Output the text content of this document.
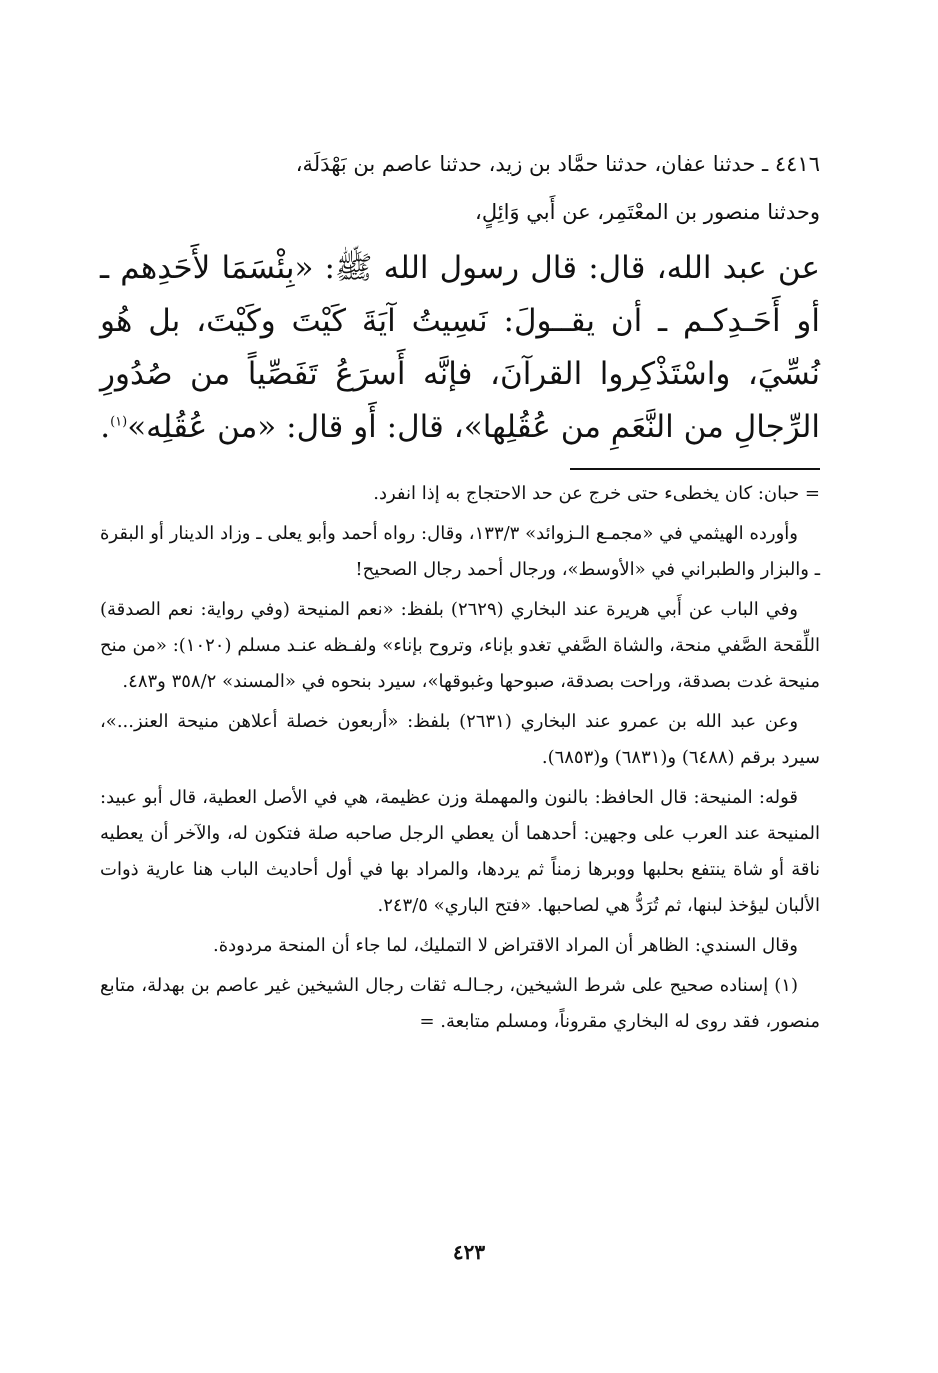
٤٤١٦ ـ حدثنا عفان، حدثنا حمَّاد بن زيد، حدثنا عاصم بن بَهْدَلَة،

وحدثنا منصور بن المعْتَمِر، عن أَبي وَائِلٍ،

عن عبد الله، قال: قال رسول الله ﷺ: «بِئْسَمَا لأَحَدِهم ـ أو أَحَـدِكـم ـ أن يقــولَ: نَسِيتُ آيَةَ كَيْتَ وكَيْتَ، بل هُو نُسِّيَ، واسْتَذْكِروا القرآنَ، فإنَّه أَسرَعُ تَفَصِّياً من صُدُورِ الرِّجالِ من النَّعَمِ من عُقُلِها»، قال: أَو قال: «من عُقُلِه»$^{(١)}$.

= حبان: كان يخطىء حتى خرج عن حد الاحتجاج به إذا انفرد.

وأورده الهيثمي في «مجمـع الـزوائد» ١٣٣/٣، وقال: رواه أحمد وأبو يعلى ـ وزاد الدينار أو البقرة ـ والبزار والطبراني في «الأوسط»، ورجال أحمد رجال الصحيح!

وفي الباب عن أَبي هريرة عند البخاري (٢٦٢٩) بلفظ: «نعم المنيحة (وفي رواية: نعم الصدقة) اللِّقحة الصَّفي منحة، والشاة الصَّفي تغدو بإناء، وتروح بإناء» ولفـظه عنـد مسلم (١٠٢٠): «من منح منيحة غدت بصدقة، وراحت بصدقة، صبوحها وغبوقها»، سيرد بنحوه في «المسند» ٣٥٨/٢ و٤٨٣.

وعن عبد الله بن عمرو عند البخاري (٢٦٣١) بلفظ: «أربعون خصلة أعلاهن منيحة العنز...»، سيرد برقم (٦٤٨٨) و(٦٨٣١) و(٦٨٥٣).

قوله: المنيحة: قال الحافظ: بالنون والمهملة وزن عظيمة، هي في الأصل العطية، قال أبو عبيد: المنيحة عند العرب على وجهين: أحدهما أن يعطي الرجل صاحبه صلة فتكون له، والآخر أن يعطيه ناقة أو شاة ينتفع بحلبها ووبرها زمناً ثم يردها، والمراد بها في أول أحاديث الباب هنا عارية ذوات الألبان ليؤخذ لبنها، ثم تُرَدُّ هي لصاحبها. «فتح الباري» ٢٤٣/٥.

وقال السندي: الظاهر أن المراد الاقتراض لا التمليك، لما جاء أن المنحة مردودة.

(١) إسناده صحيح على شرط الشيخين، رجـالـه ثقات رجال الشيخين غير عاصم بن بهدلة، متابع منصور، فقد روى له البخاري مقروناً، ومسلم متابعة. =

٤٢٣
